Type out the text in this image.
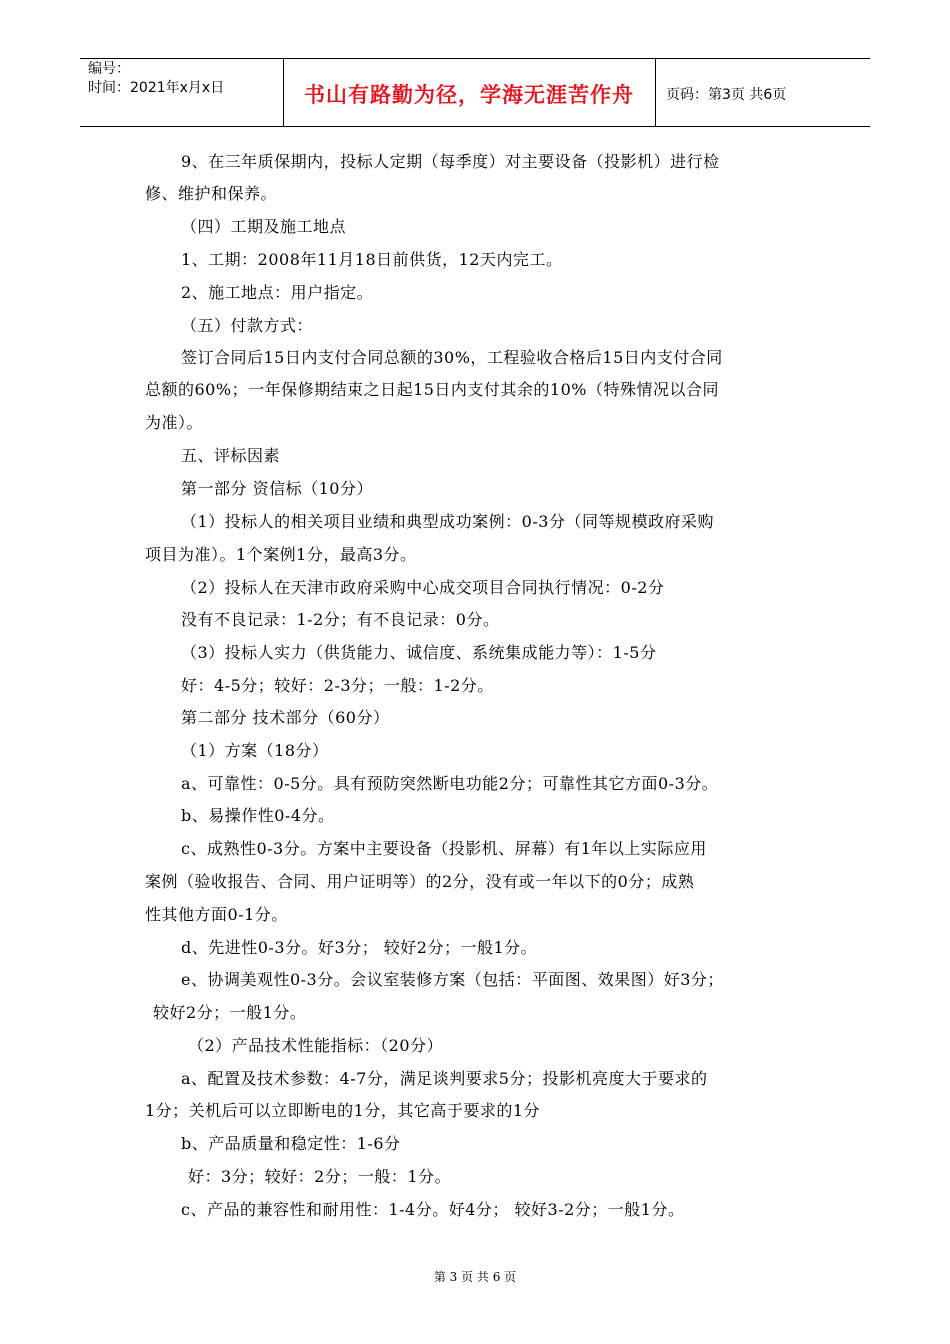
编号：
时间：2021年x月x日	书山有路勤为径，学海无涯苦作舟	页码：第3页 共6页
9、在三年质保期内，投标人定期（每季度）对主要设备（投影机）进行检
修、维护和保养。
（四）工期及施工地点
1、工期：2008年11月18日前供货，12天内完工。
2、施工地点：用户指定。
（五）付款方式：
签订合同后15日内支付合同总额的30%，工程验收合格后15日内支付合同
总额的60%；一年保修期结束之日起15日内支付其余的10%（特殊情况以合同
为准）。
五、评标因素
第一部分 资信标（10分）
（1）投标人的相关项目业绩和典型成功案例：0-3分（同等规模政府采购
项目为准）。1个案例1分，最高3分。
（2）投标人在天津市政府采购中心成交项目合同执行情况：0-2分
没有不良记录：1-2分；有不良记录：0分。
（3）投标人实力（供货能力、诚信度、系统集成能力等）：1-5分
好：4-5分；较好：2-3分；一般：1-2分。
第二部分 技术部分（60分）
（1）方案（18分）
a、可靠性：0-5分。具有预防突然断电功能2分；可靠性其它方面0-3分。
b、易操作性0-4分。
c、成熟性0-3分。方案中主要设备（投影机、屏幕）有1年以上实际应用
案例（验收报告、合同、用户证明等）的2分，没有或一年以下的0分；成熟
性其他方面0-1分。
d、先进性0-3分。好3分； 较好2分；一般1分。
e、协调美观性0-3分。会议室装修方案（包括：平面图、效果图）好3分；
较好2分；一般1分。
（2）产品技术性能指标：（20分）
a、配置及技术参数：4-7分，满足谈判要求5分；投影机亮度大于要求的
1分；关机后可以立即断电的1分，其它高于要求的1分
b、产品质量和稳定性：1-6分
好：3分；较好：2分；一般：1分。
c、产品的兼容性和耐用性：1-4分。好4分； 较好3-2分；一般1分。
第 3 页 共 6 页
